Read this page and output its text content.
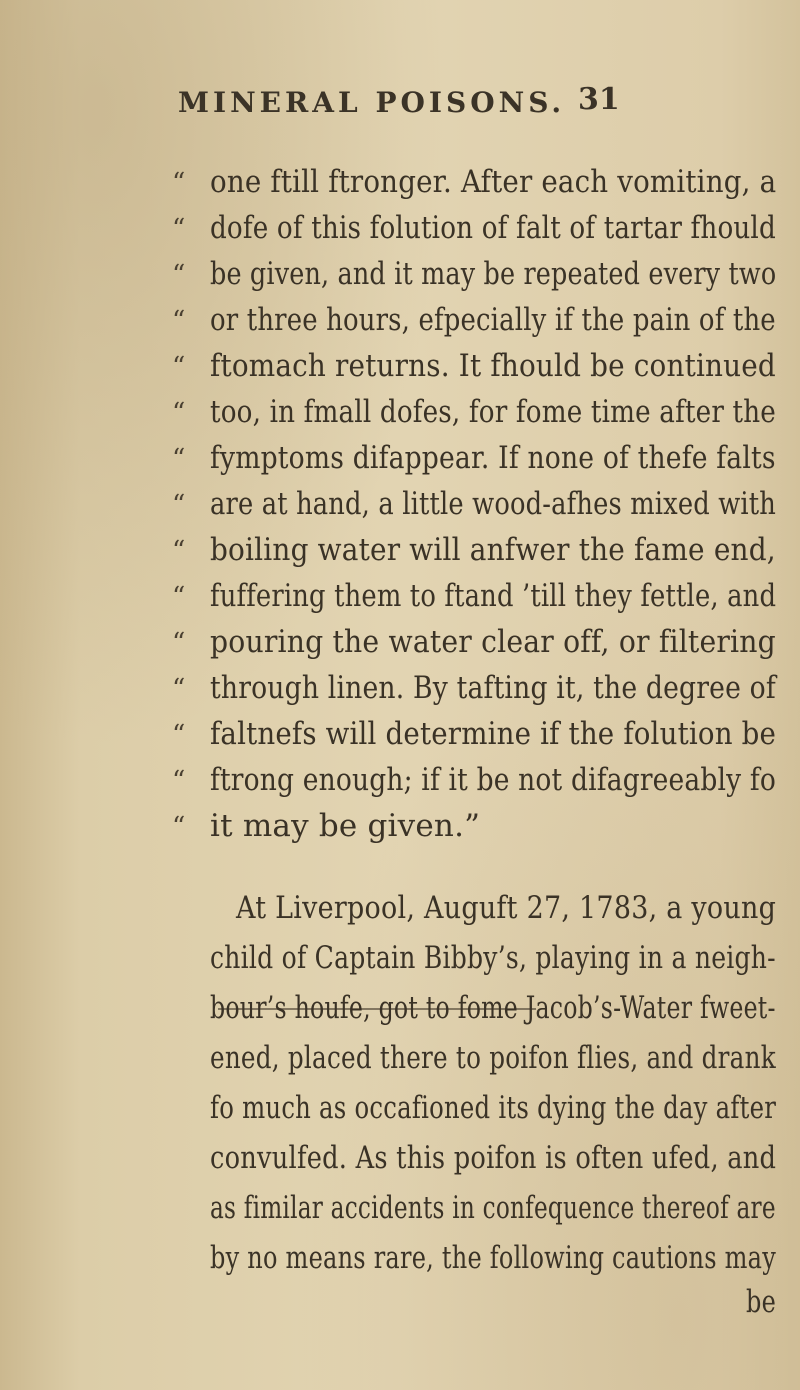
MINERAL POISONS. 31
“ one ftill ftronger. After each vomiting, a
“ dofe of this folution of falt of tartar fhould
“ be given, and it may be repeated every two
“ or three hours, efpecially if the pain of the
“ ftomach returns. It fhould be continued
“ too, in fmall dofes, for fome time after the
“ fymptoms difappear. If none of thefe falts
“ are at hand, a little wood-afhes mixed with
“ boiling water will anfwer the fame end,
“ fuffering them to ftand ’till they fettle, and
“ pouring the water clear off, or filtering
“ through linen. By tafting it, the degree of
“ faltnefs will determine if the folution be
“ ftrong enough; if it be not difagreeably fo
“ it may be given.”
At Liverpool, Auguft 27, 1783, a young
child of Captain Bibby’s, playing in a neigh-
bour’s houfe, got to fome Jacob’s-Water fweet-
ened, placed there to poifon flies, and drank
fo much as occafioned its dying the day after
convulfed. As this poifon is often ufed, and
as fimilar accidents in confequence thereof are
by no means rare, the following cautions may
be
